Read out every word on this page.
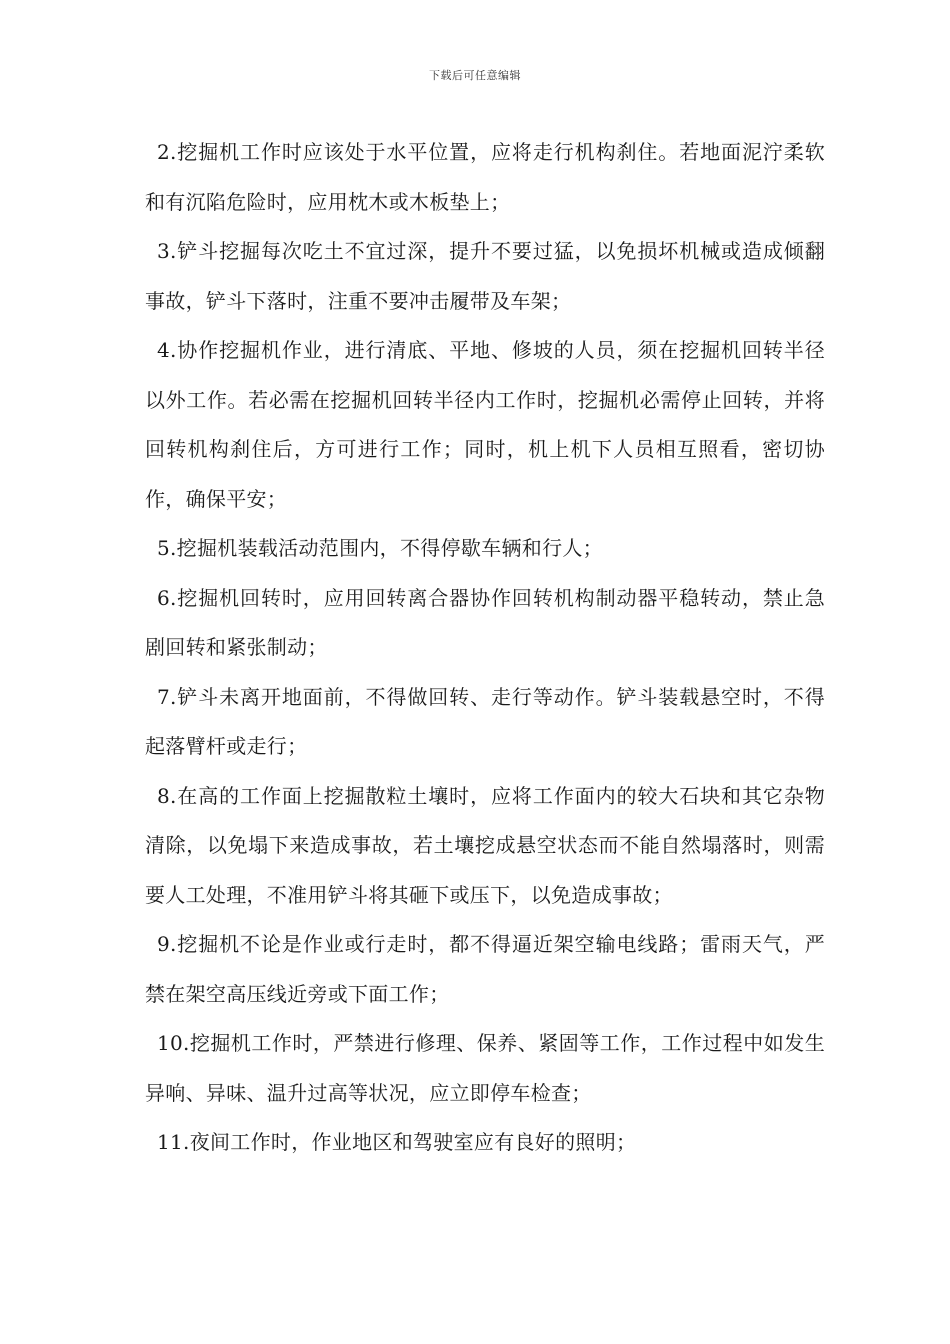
下载后可任意编辑

2.挖掘机工作时应该处于水平位置，应将走行机构刹住。若地面泥泞柔软和有沉陷危险时，应用枕木或木板垫上；

3.铲斗挖掘每次吃土不宜过深，提升不要过猛，以免损坏机械或造成倾翻事故，铲斗下落时，注重不要冲击履带及车架；

4.协作挖掘机作业，进行清底、平地、修坡的人员，须在挖掘机回转半径以外工作。若必需在挖掘机回转半径内工作时，挖掘机必需停止回转，并将回转机构刹住后，方可进行工作；同时，机上机下人员相互照看，密切协作，确保平安；

5.挖掘机装载活动范围内，不得停歇车辆和行人；

6.挖掘机回转时，应用回转离合器协作回转机构制动器平稳转动，禁止急剧回转和紧张制动；

7.铲斗未离开地面前，不得做回转、走行等动作。铲斗装载悬空时，不得起落臂杆或走行；

8.在高的工作面上挖掘散粒土壤时，应将工作面内的较大石块和其它杂物清除，以免塌下来造成事故，若土壤挖成悬空状态而不能自然塌落时，则需要人工处理，不准用铲斗将其砸下或压下，以免造成事故；

9.挖掘机不论是作业或行走时，都不得逼近架空输电线路；雷雨天气，严禁在架空高压线近旁或下面工作；

10.挖掘机工作时，严禁进行修理、保养、紧固等工作，工作过程中如发生异响、异味、温升过高等状况，应立即停车检查；

11.夜间工作时，作业地区和驾驶室应有良好的照明；
